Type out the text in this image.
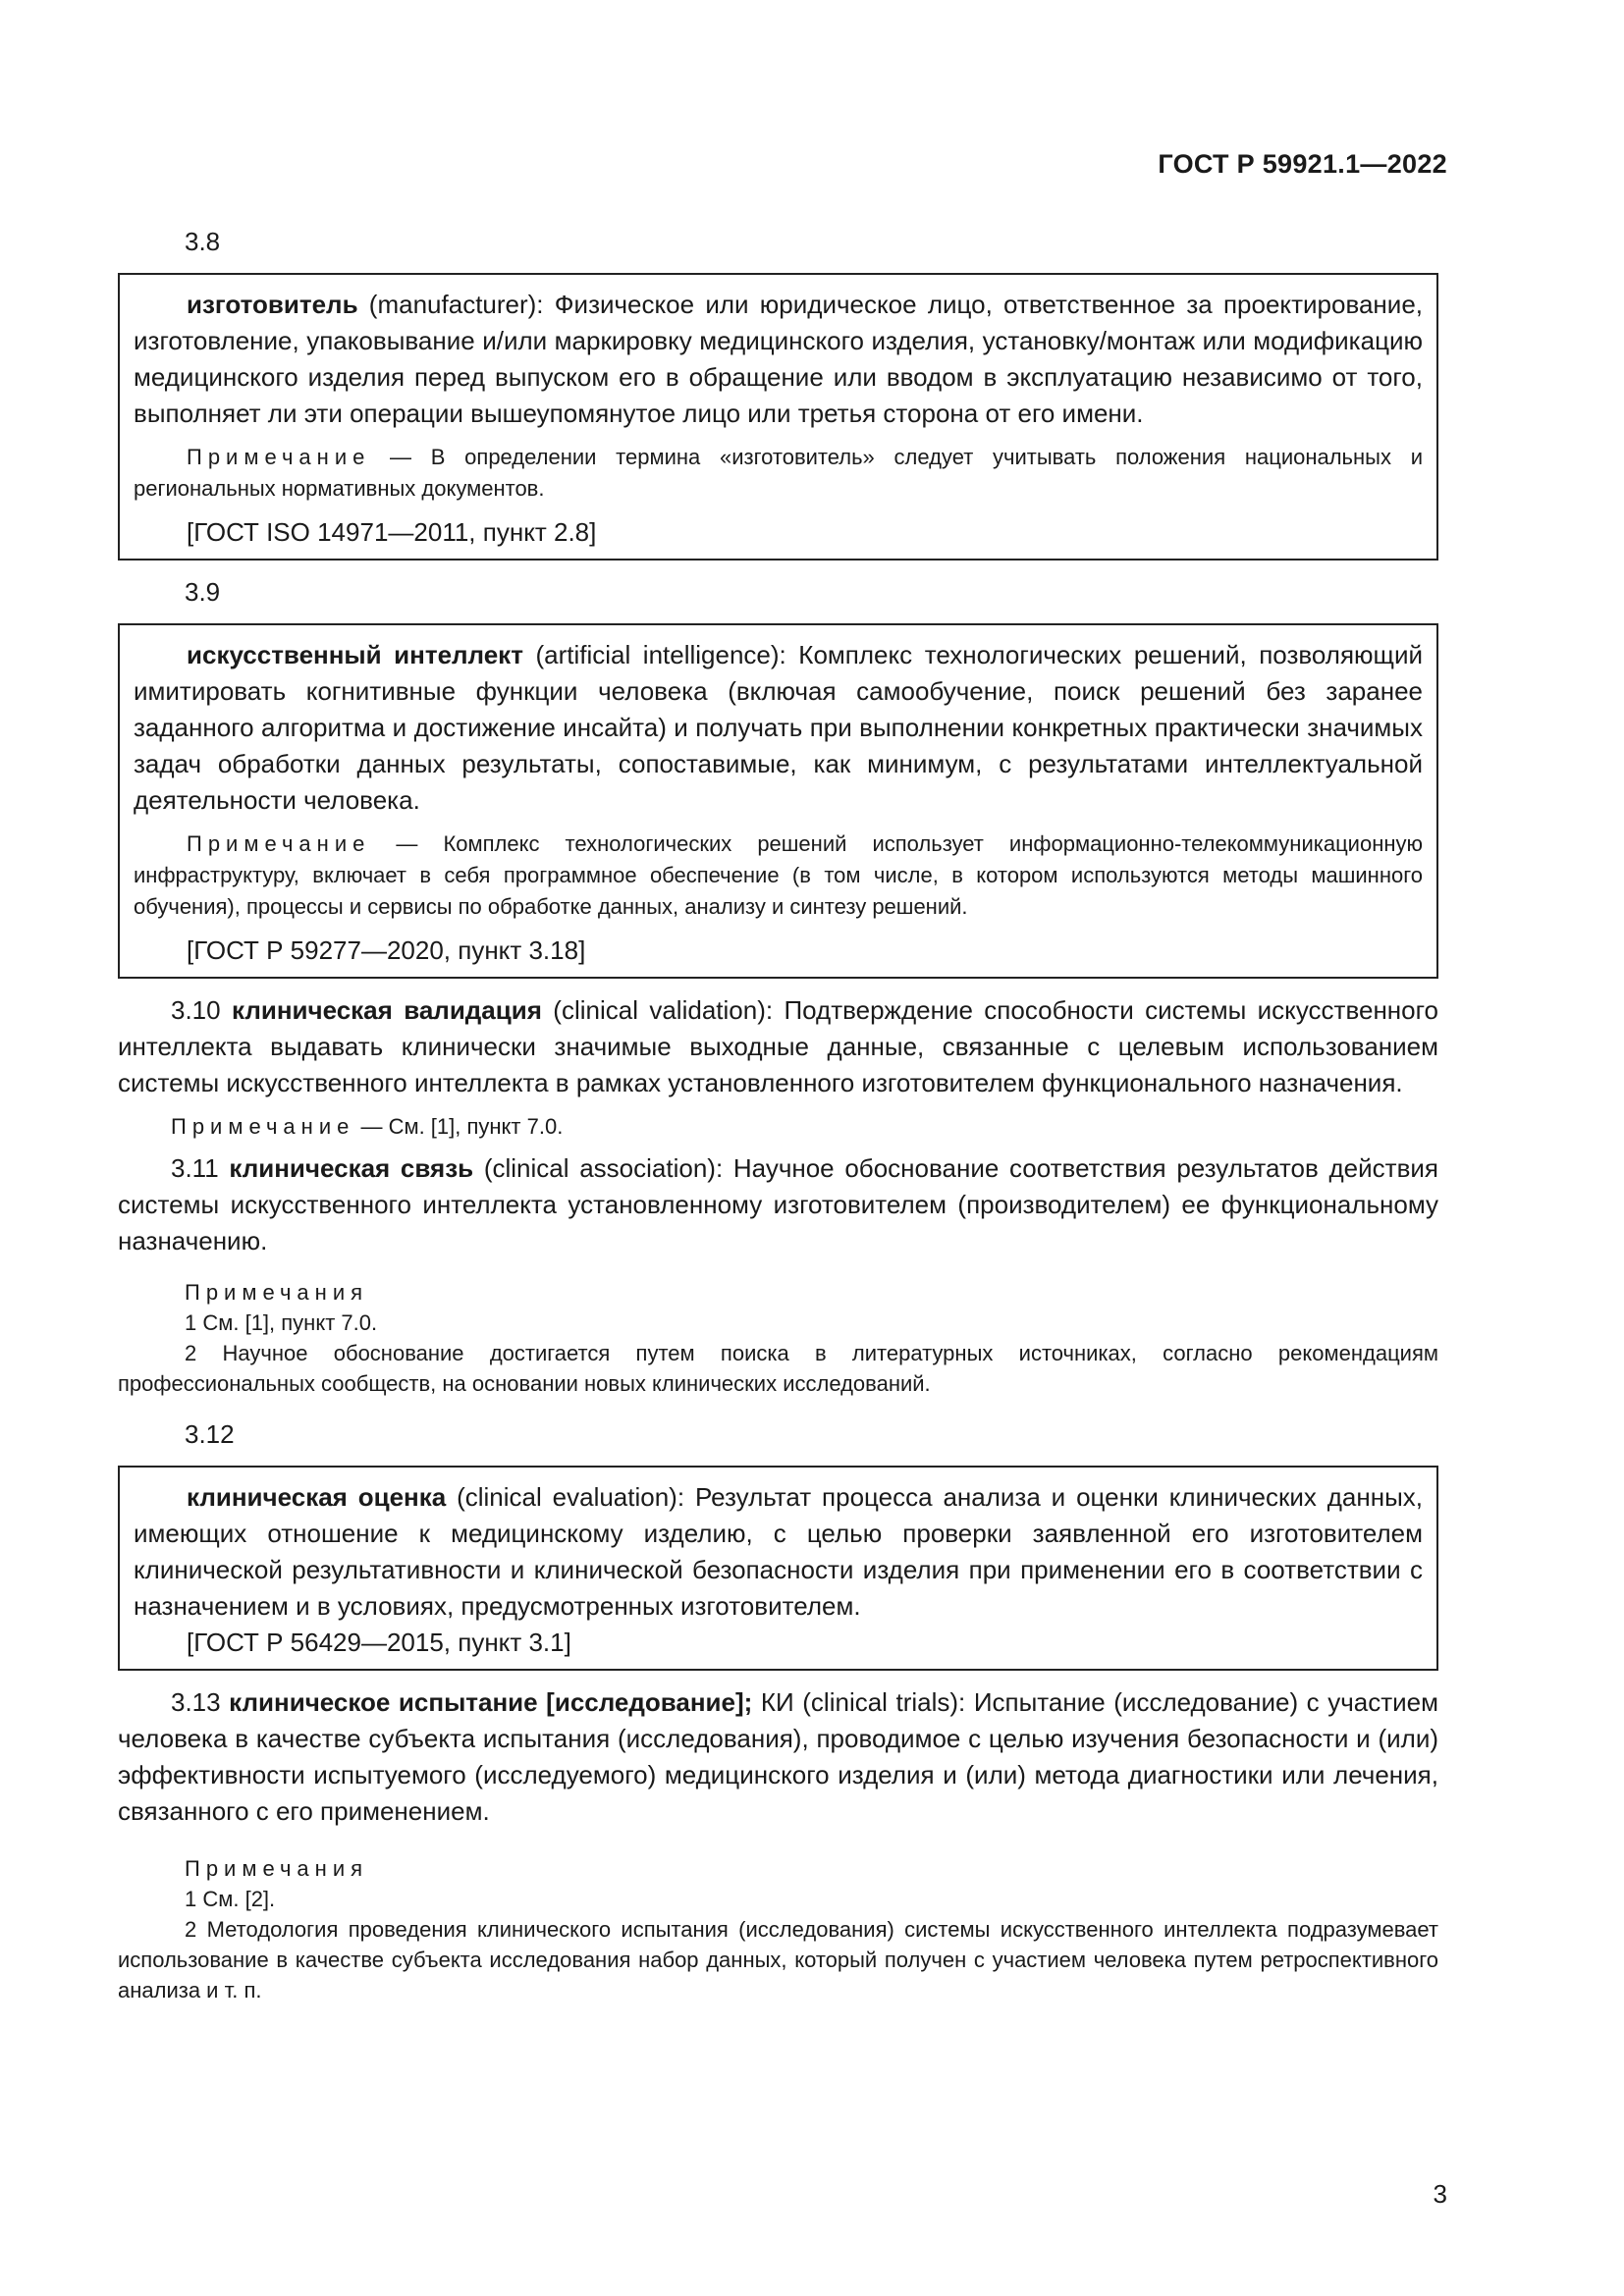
ГОСТ Р 59921.1—2022
3.8

изготовитель (manufacturer): Физическое или юридическое лицо, ответственное за проектирование, изготовление, упаковывание и/или маркировку медицинского изделия, установку/монтаж или модификацию медицинского изделия перед выпуском его в обращение или вводом в эксплуатацию независимо от того, выполняет ли эти операции вышеупомянутое лицо или третья сторона от его имени.

Примечание — В определении термина «изготовитель» следует учитывать положения национальных и региональных нормативных документов.

[ГОСТ ISO 14971—2011, пункт 2.8]

3.9

искусственный интеллект (artificial intelligence): Комплекс технологических решений, позволяющий имитировать когнитивные функции человека (включая самообучение, поиск решений без заранее заданного алгоритма и достижение инсайта) и получать при выполнении конкретных практически значимых задач обработки данных результаты, сопоставимые, как минимум, с результатами интеллектуальной деятельности человека.

Примечание — Комплекс технологических решений использует информационно-телекоммуникационную инфраструктуру, включает в себя программное обеспечение (в том числе, в котором используются методы машинного обучения), процессы и сервисы по обработке данных, анализу и синтезу решений.

[ГОСТ Р 59277—2020, пункт 3.18]

3.10 клиническая валидация (clinical validation): Подтверждение способности системы искусственного интеллекта выдавать клинически значимые выходные данные, связанные с целевым использованием системы искусственного интеллекта в рамках установленного изготовителем функционального назначения.

Примечание — См. [1], пункт 7.0.

3.11 клиническая связь (clinical association): Научное обоснование соответствия результатов действия системы искусственного интеллекта установленному изготовителем (производителем) ее функциональному назначению.

Примечания

1 См. [1], пункт 7.0.

2 Научное обоснование достигается путем поиска в литературных источниках, согласно рекомендациям профессиональных сообществ, на основании новых клинических исследований.

3.12

клиническая оценка (clinical evaluation): Результат процесса анализа и оценки клинических данных, имеющих отношение к медицинскому изделию, с целью проверки заявленной его изготовителем клинической результативности и клинической безопасности изделия при применении его в соответствии с назначением и в условиях, предусмотренных изготовителем.

[ГОСТ Р 56429—2015, пункт 3.1]

3.13 клиническое испытание [исследование]; КИ (clinical trials): Испытание (исследование) с участием человека в качестве субъекта испытания (исследования), проводимое с целью изучения безопасности и (или) эффективности испытуемого (исследуемого) медицинского изделия и (или) метода диагностики или лечения, связанного с его применением.

Примечания

1 См. [2].

2 Методология проведения клинического испытания (исследования) системы искусственного интеллекта подразумевает использование в качестве субъекта исследования набор данных, который получен с участием человека путем ретроспективного анализа и т. п.

3
